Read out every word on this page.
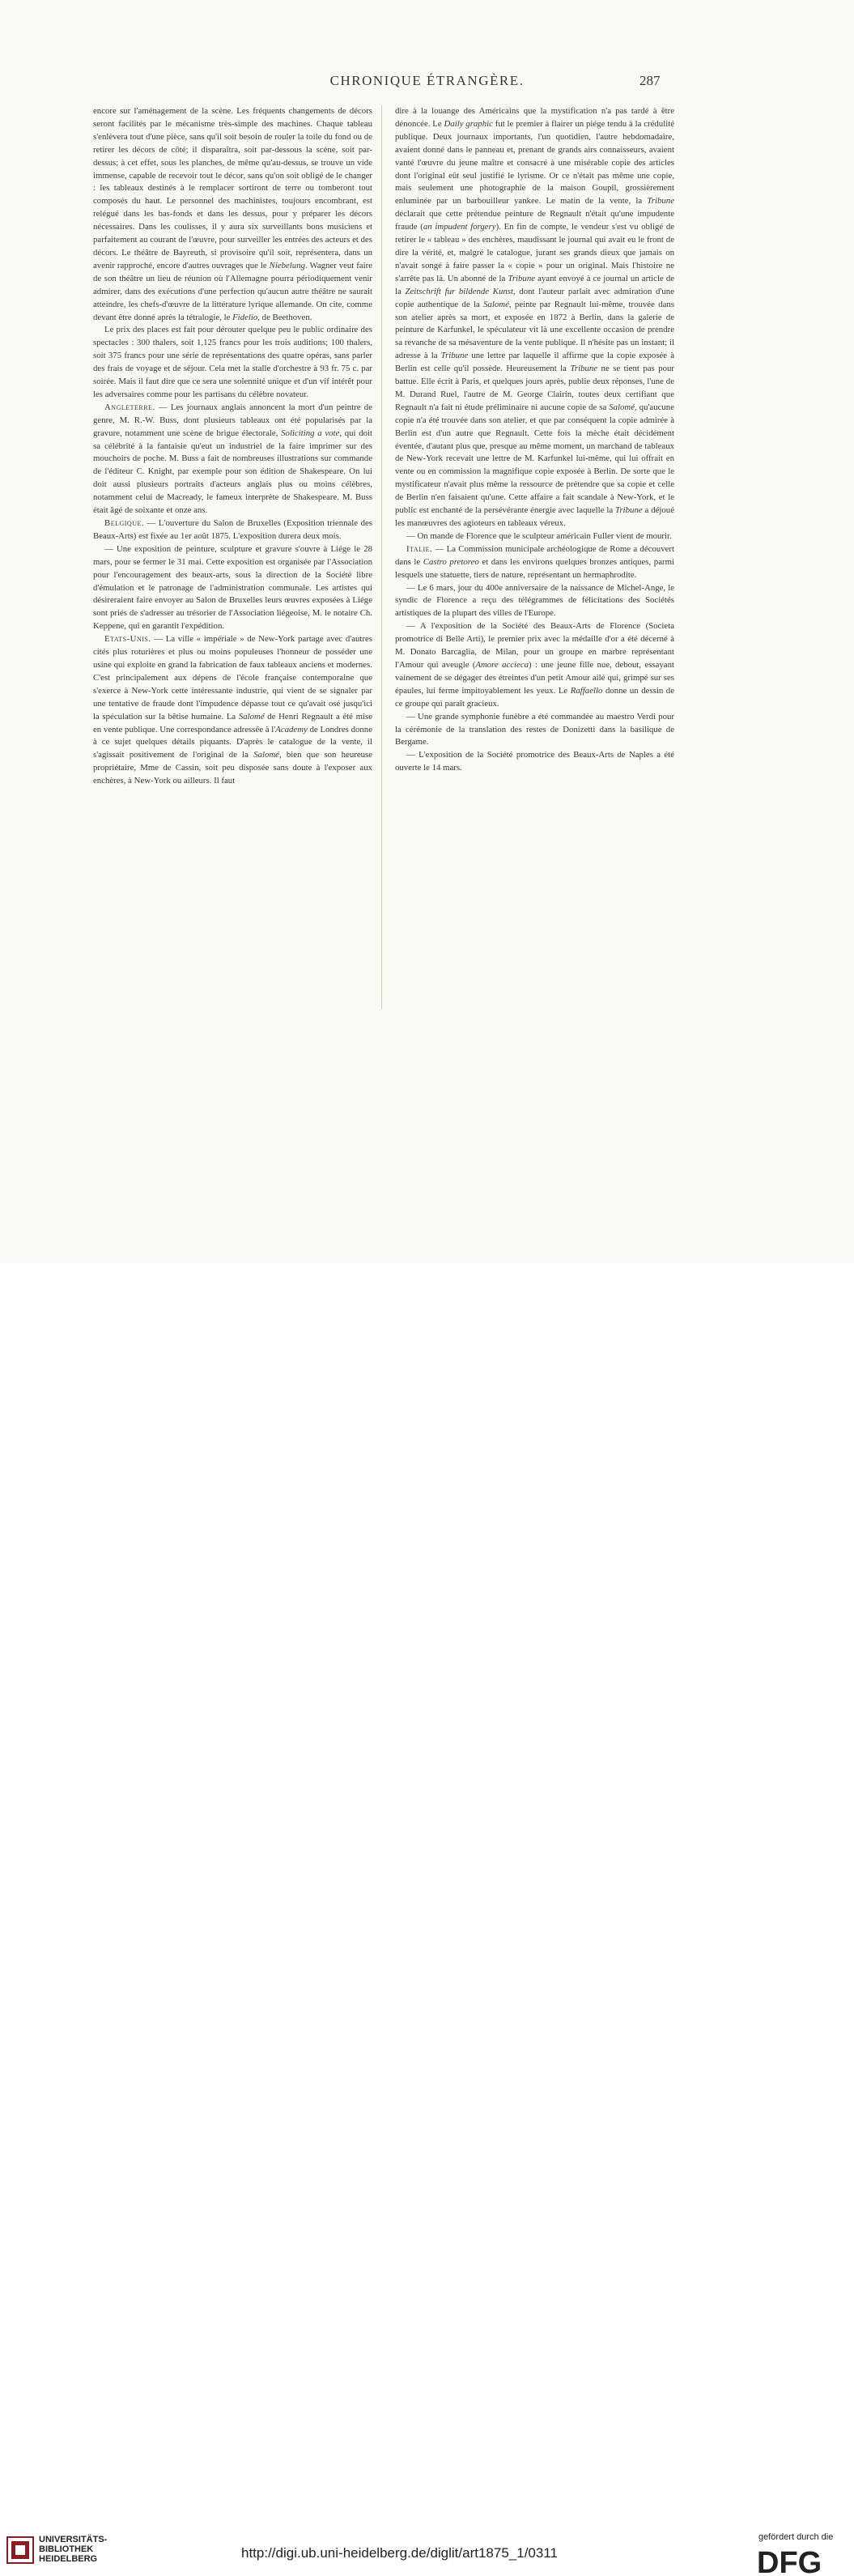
CHRONIQUE ÉTRANGÈRE.	287

encore sur l'aménagement de la scène. Les fréquents changements de décors seront facilités par le mécanisme très-simple des machines. Chaque tableau s'enlèvera tout d'une pièce, sans qu'il soit besoin de rouler la toile du fond ou de retirer les décors de côté; il disparaîtra, soit par-dessous la scène, soit par-dessus; à cet effet, sous les planches, de même qu'au-dessus, se trouve un vide immense, capable de recevoir tout le décor, sans qu'on soit obligé de le changer : les tableaux destinés à le remplacer sortiront de terre ou tomberont tout composés du haut. Le personnel des machinistes, toujours encombrant, est relégué dans les bas-fonds et dans les dessus, pour y préparer les décors nécessaires. Dans les coulisses, il y aura six surveillants bons musiciens et parfaitement au courant de l'œuvre, pour surveiller les entrées des acteurs et des décors. Le théâtre de Bayreuth, si provisoire qu'il soit, représentera, dans un avenir rapproché, encore d'autres ouvrages que le Niebelung. Wagner veut faire de son théâtre un lieu de réunion où l'Allemagne pourra périodiquement venir admirer, dans des exécutions d'une perfection qu'aucun autre théâtre ne saurait atteindre, les chefs-d'œuvre de la littérature lyrique allemande. On cite, comme devant être donné après la tétralogie, le Fidelio, de Beethoven.

Le prix des places est fait pour dérouter quelque peu le public ordinaire des spectacles : 300 thalers, soit 1,125 francs pour les trois auditions; 100 thalers, soit 375 francs pour une série de représentations des quatre opéras, sans parler des frais de voyage et de séjour. Cela met la stalle d'orchestre à 93 fr. 75 c. par soirée. Mais il faut dire que ce sera une solennité unique et d'un vif intérêt pour les adversaires comme pour les partisans du célèbre novateur.

Angleterre. — Les journaux anglais annoncent la mort d'un peintre de genre, M. R.-W. Buss, dont plusieurs tableaux ont été popularisés par la gravure, notamment une scène de brigue électorale, Soliciting a vote, qui doit sa célébrité à la fantaisie qu'eut un industriel de la faire imprimer sur des mouchoirs de poche. M. Buss a fait de nombreuses illustrations sur commande de l'éditeur C. Knight, par exemple pour son édition de Shakespeare. On lui doit aussi plusieurs portraits d'acteurs anglais plus ou moins célèbres, notamment celui de Macready, le fameux interprète de Shakespeare. M. Buss était âgé de soixante et onze ans.

Belgique. — L'ouverture du Salon de Bruxelles (Exposition triennale des Beaux-Arts) est fixée au 1er août 1875. L'exposition durera deux mois.

— Une exposition de peinture, sculpture et gravure s'ouvre à Liége le 28 mars, pour se fermer le 31 mai. Cette exposition est organisée par l'Association pour l'encouragement des beaux-arts, sous la direction de la Société libre d'émulation et le patronage de l'administration communale. Les artistes qui désireraient faire envoyer au Salon de Bruxelles leurs œuvres exposées à Liége sont priés de s'adresser au trésorier de l'Association liégeoise, M. le notaire Ch. Keppene, qui en garantit l'expédition.

Etats-Unis. — La ville « impériale » de New-York partage avec d'autres cités plus roturières et plus ou moins populeuses l'honneur de posséder une usine qui exploite en grand la fabrication de faux tableaux anciens et modernes. C'est principalement aux dépens de l'école française contemporaine que s'exerce à New-York cette intéressante industrie, qui vient de se signaler par une tentative de fraude dont l'impudence dépasse tout ce qu'avait osé jusqu'ici la spéculation sur la bêtise humaine. La Salomé de Henri Regnault a été mise en vente publique. Une correspondance adressée à l'Academy de Londres donne à ce sujet quelques détails piquants. D'après le catalogue de la vente, il s'agissait positivement de l'original de la Salomé, bien que son heureuse propriétaire, Mme de Cassin, soit peu disposée sans doute à l'exposer aux enchères, à New-York ou ailleurs. Il faut

dire à la louange des Américains que la mystification n'a pas tardé à être dénoncée. Le Daily graphic fut le premier à flairer un piége tendu à la crédulité publique. Deux journaux importants, l'un quotidien, l'autre hebdomadaire, avaient donné dans le panneau et, prenant de grands airs connaisseurs, avaient vanté l'œuvre du jeune maître et consacré à une misérable copie des articles dont l'original eût seul justifié le lyrisme. Or ce n'était pas même une copie, mais seulement une photographie de la maison Goupil, grossièrement enluminée par un barbouilleur yankee. Le matin de la vente, la Tribune déclarait que cette prétendue peinture de Regnault n'était qu'une impudente fraude (an impudent forgery). En fin de compte, le vendeur s'est vu obligé de retirer le « tableau » des enchères, maudissant le journal qui avait eu le front de dire la vérité, et, malgré le catalogue, jurant ses grands dieux que jamais on n'avait songé à faire passer la « copie » pour un original. Mais l'histoire ne s'arrête pas là. Un abonné de la Tribune ayant envoyé à ce journal un article de la Zeitschrift fur bildende Kunst, dont l'auteur parlait avec admiration d'une copie authentique de la Salomé, peinte par Regnault lui-même, trouvée dans son atelier après sa mort, et exposée en 1872 à Berlin, dans la galerie de peinture de Karfunkel, le spéculateur vit là une excellente occasion de prendre sa revanche de sa mésaventure de la vente publique. Il n'hésite pas un instant; il adresse à la Tribune une lettre par laquelle il affirme que la copie exposée à Berlin est celle qu'il possède. Heureusement la Tribune ne se tient pas pour battue. Elle écrit à Paris, et quelques jours après, publie deux réponses, l'une de M. Durand Ruel, l'autre de M. George Clairin, toutes deux certifiant que Regnault n'a fait ni étude préliminaire ni aucune copie de sa Salomé, qu'aucune copie n'a été trouvée dans son atelier, et que par conséquent la copie admirée à Berlin est d'un autre que Regnault. Cette fois la mèche était décidément éventée, d'autant plus que, presque au même moment, un marchand de tableaux de New-York recevait une lettre de M. Karfunkel lui-même, qui lui offrait en vente ou en commission la magnifique copie exposée à Berlin. De sorte que le mystificateur n'avait plus même la ressource de prétendre que sa copie et celle de Berlin n'en faisaient qu'une. Cette affaire a fait scandale à New-York, et le public est enchanté de la persévérante énergie avec laquelle la Tribune a déjoué les manœuvres des agioteurs en tableaux véreux.

— On mande de Florence que le sculpteur américain Fuller vient de mourir.

Italie. — La Commission municipale archéologique de Rome a découvert dans le Castro pretoreo et dans les environs quelques bronzes antiques, parmi lesquels une statuette, tiers de nature, représentant un hermaphrodite.

— Le 6 mars, jour du 400e anniversaire de la naissance de Michel-Ange, le syndic de Florence a reçu des télégrammes de félicitations des Sociétés artistiques de la plupart des villes de l'Europe.

— A l'exposition de la Société des Beaux-Arts de Florence (Societa promotrice di Belle Arti), le premier prix avec la médaille d'or a été décerné à M. Donato Barcaglia, de Milan, pour un groupe en marbre représentant l'Amour qui aveugle (Amore accieca) : une jeune fille nue, debout, essayant vainement de se dégager des étreintes d'un petit Amour ailé qui, grimpé sur ses épaules, lui ferme impitoyablement les yeux. Le Raffaello donne un dessin de ce groupe qui paraît gracieux.

— Une grande symphonie funèbre a été commandée au maestro Verdi pour la cérémonie de la translation des restes de Donizetti dans la basilique de Bergame.

— L'exposition de la Société promotrice des Beaux-Arts de Naples a été ouverte le 14 mars.

UNIVERSITÄTS-
BIBLIOTHEK
HEIDELBERG	http://digi.ub.uni-heidelberg.de/diglit/art1875_1/0311
gefördert durch die
DFG
